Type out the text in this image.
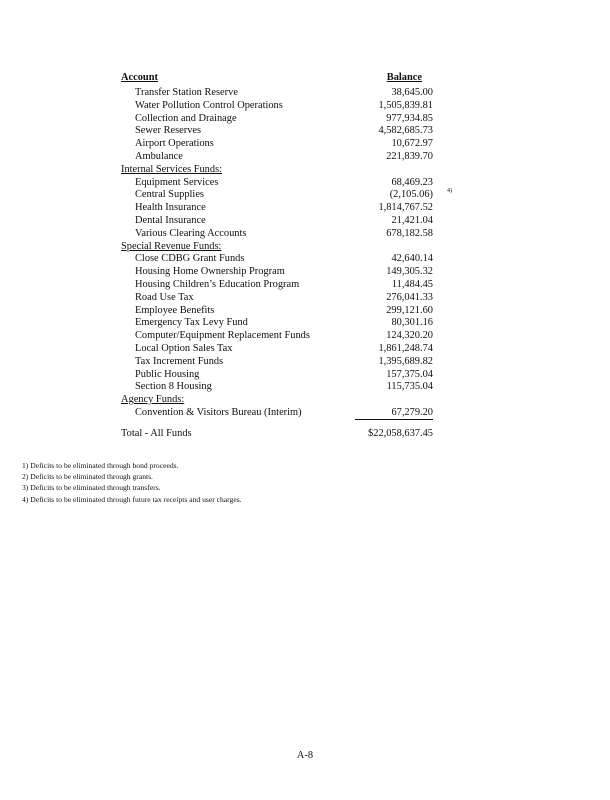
Account	Balance
Transfer Station Reserve	38,645.00
Water Pollution Control Operations	1,505,839.81
Collection and Drainage	977,934.85
Sewer Reserves	4,582,685.73
Airport Operations	10,672.97
Ambulance	221,839.70
Internal Services Funds:
Equipment Services	68,469.23
Central Supplies	(2,105.06) 4)
Health Insurance	1,814,767.52
Dental Insurance	21,421.04
Various Clearing Accounts	678,182.58
Special Revenue Funds:
Close CDBG Grant Funds	42,640.14
Housing Home Ownership Program	149,305.32
Housing Children’s Education Program	11,484.45
Road Use Tax	276,041.33
Employee Benefits	299,121.60
Emergency Tax Levy Fund	80,301.16
Computer/Equipment Replacement Funds	124,320.20
Local Option Sales Tax	1,861,248.74
Tax Increment Funds	1,395,689.82
Public Housing	157,375.04
Section 8 Housing	115,735.04
Agency Funds:
Convention & Visitors Bureau (Interim)	67,279.20
Total - All Funds	$22,058,637.45
1) Deficits to be eliminated through bond proceeds.
2) Deficits to be eliminated through grants.
3) Deficits to be eliminated through transfers.
4) Deficits to be eliminated through future tax receipts and user charges.
A-8
